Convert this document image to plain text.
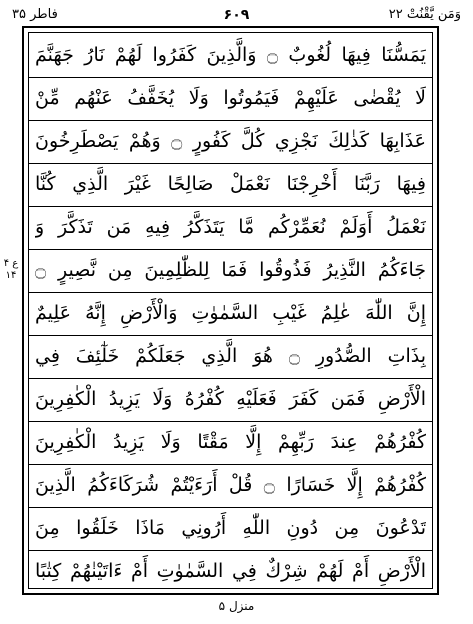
فاطر ۳۵	۶۰۹	وَمَن يَّقْنُتْ ۲۲
ع ۴ ۱۴
يَمَسُّنَا فِيهَا لُغُوبٌ ۝ وَالَّذِينَ كَفَرُوا لَهُمْ نَارُ جَهَنَّمَ
لَا يُقْضٰى عَلَيْهِمْ فَيَمُوتُوا وَلَا يُخَفَّفُ عَنْهُم مِّنْ
عَذَابِهَا كَذٰلِكَ نَجْزِي كُلَّ كَفُورٍ ۝ وَهُمْ يَصْطَرِخُونَ
فِيهَا رَبَّنَا أَخْرِجْنَا نَعْمَلْ صَالِحًا غَيْرَ الَّذِي كُنَّا
نَعْمَلُ أَوَلَمْ نُعَمِّرْكُم مَّا يَتَذَكَّرُ فِيهِ مَن تَذَكَّرَ وَ
جَاءَكُمُ النَّذِيرُ فَذُوقُوا فَمَا لِلظّٰلِمِينَ مِن نَّصِيرٍ ۝
إِنَّ اللّٰهَ عٰلِمُ غَيْبِ السَّمٰوٰتِ وَالْأَرْضِ إِنَّهُ عَلِيمٌ
بِذَاتِ الصُّدُورِ ۝ هُوَ الَّذِي جَعَلَكُمْ خَلٰٓئِفَ فِي
الْأَرْضِ فَمَن كَفَرَ فَعَلَيْهِ كُفْرُهُ وَلَا يَزِيدُ الْكٰفِرِينَ
كُفْرُهُمْ عِندَ رَبِّهِمْ إِلَّا مَقْتًا وَلَا يَزِيدُ الْكٰفِرِينَ
كُفْرُهُمْ إِلَّا خَسَارًا ۝ قُلْ أَرَءَيْتُمْ شُرَكَاءَكُمُ الَّذِينَ
تَدْعُونَ مِن دُونِ اللّٰهِ أَرُونِي مَاذَا خَلَقُوا مِنَ
الْأَرْضِ أَمْ لَهُمْ شِرْكٌ فِي السَّمٰوٰتِ أَمْ ءَاتَيْنٰهُمْ كِتٰبًا
منزل ۵
